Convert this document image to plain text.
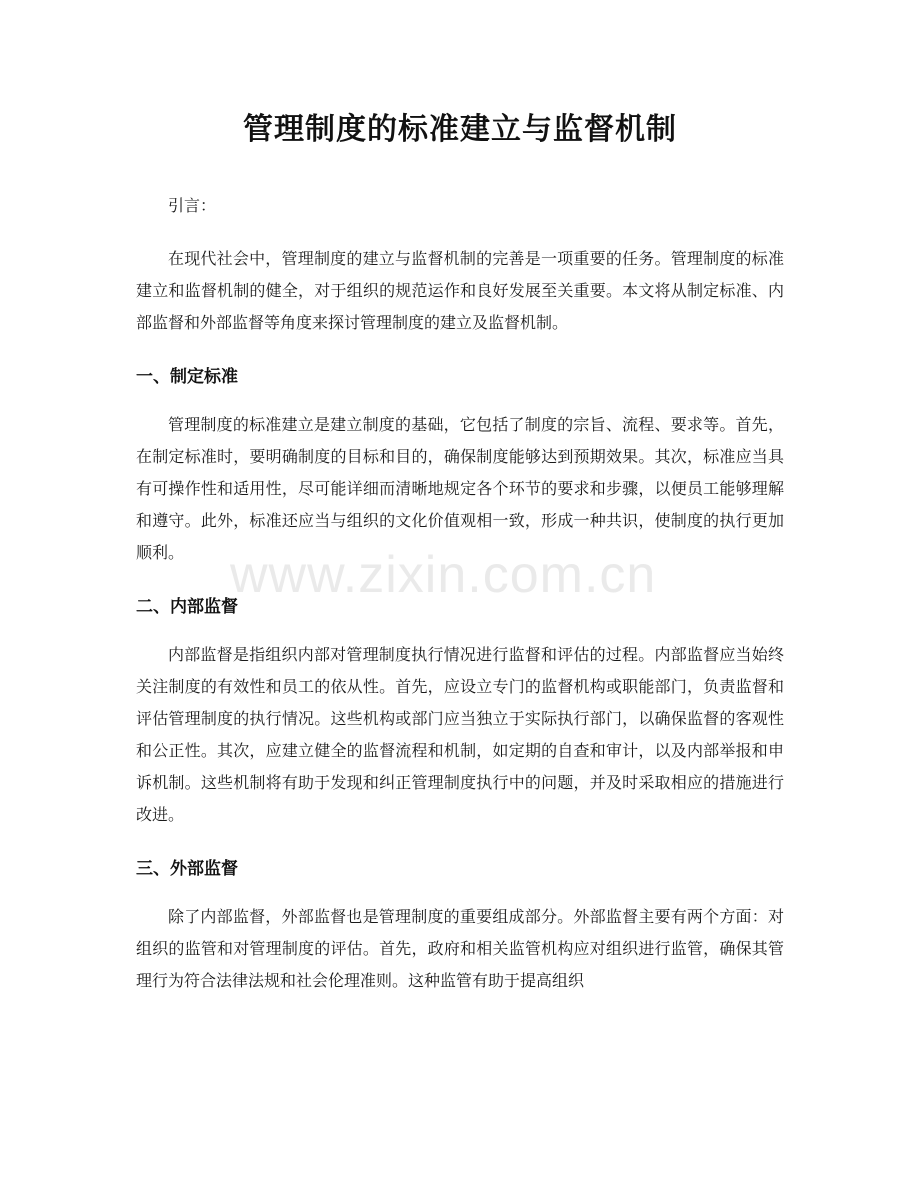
管理制度的标准建立与监督机制

引言：

在现代社会中，管理制度的建立与监督机制的完善是一项重要的任务。管理制度的标准建立和监督机制的健全，对于组织的规范运作和良好发展至关重要。本文将从制定标准、内部监督和外部监督等角度来探讨管理制度的建立及监督机制。

一、制定标准

管理制度的标准建立是建立制度的基础，它包括了制度的宗旨、流程、要求等。首先，在制定标准时，要明确制度的目标和目的，确保制度能够达到预期效果。其次，标准应当具有可操作性和适用性，尽可能详细而清晰地规定各个环节的要求和步骤，以便员工能够理解和遵守。此外，标准还应当与组织的文化价值观相一致，形成一种共识，使制度的执行更加顺利。

二、内部监督

内部监督是指组织内部对管理制度执行情况进行监督和评估的过程。内部监督应当始终关注制度的有效性和员工的依从性。首先，应设立专门的监督机构或职能部门，负责监督和评估管理制度的执行情况。这些机构或部门应当独立于实际执行部门，以确保监督的客观性和公正性。其次，应建立健全的监督流程和机制，如定期的自查和审计，以及内部举报和申诉机制。这些机制将有助于发现和纠正管理制度执行中的问题，并及时采取相应的措施进行改进。

三、外部监督

除了内部监督，外部监督也是管理制度的重要组成部分。外部监督主要有两个方面：对组织的监管和对管理制度的评估。首先，政府和相关监管机构应对组织进行监管，确保其管理行为符合法律法规和社会伦理准则。这种监管有助于提高组织

www.zixin.com.cn
